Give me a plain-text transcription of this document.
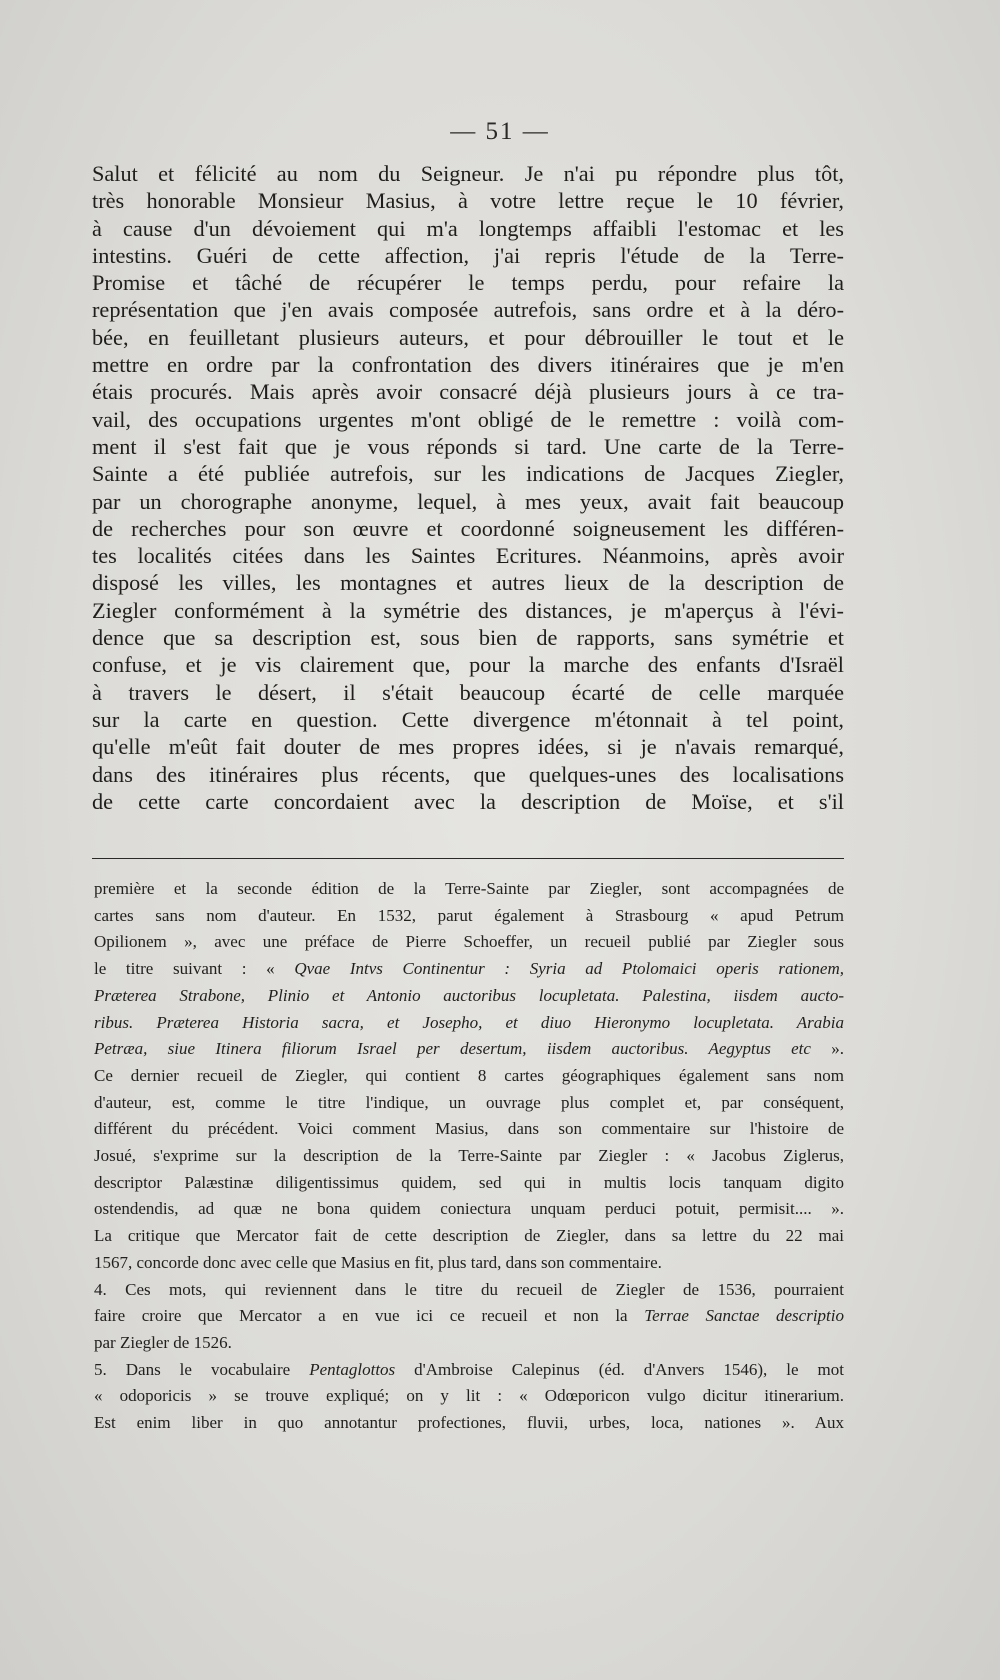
— 51 —
Salut et félicité au nom du Seigneur. Je n'ai pu répondre plus tôt,
très honorable Monsieur Masius, à votre lettre reçue le 10 février,
à cause d'un dévoiement qui m'a longtemps affaibli l'estomac et les
intestins. Guéri de cette affection, j'ai repris l'étude de la Terre-
Promise et tâché de récupérer le temps perdu, pour refaire la
représentation que j'en avais composée autrefois, sans ordre et à la déro-
bée, en feuilletant plusieurs auteurs, et pour débrouiller le tout et le
mettre en ordre par la confrontation des divers itinéraires que je m'en
étais procurés. Mais après avoir consacré déjà plusieurs jours à ce tra-
vail, des occupations urgentes m'ont obligé de le remettre : voilà com-
ment il s'est fait que je vous réponds si tard. Une carte de la Terre-
Sainte a été publiée autrefois, sur les indications de Jacques Ziegler,
par un chorographe anonyme, lequel, à mes yeux, avait fait beaucoup
de recherches pour son œuvre et coordonné soigneusement les différen-
tes localités citées dans les Saintes Ecritures. Néanmoins, après avoir
disposé les villes, les montagnes et autres lieux de la description de
Ziegler conformément à la symétrie des distances, je m'aperçus à l'évi-
dence que sa description est, sous bien de rapports, sans symétrie et
confuse, et je vis clairement que, pour la marche des enfants d'Israël
à travers le désert, il s'était beaucoup écarté de celle marquée
sur la carte en question. Cette divergence m'étonnait à tel point,
qu'elle m'eût fait douter de mes propres idées, si je n'avais remarqué,
dans des itinéraires plus récents, que quelques-unes des localisations
de cette carte concordaient avec la description de Moïse, et s'il
première et la seconde édition de la Terre-Sainte par Ziegler, sont accompagnées de
cartes sans nom d'auteur. En 1532, parut également à Strasbourg « apud Petrum
Opilionem », avec une préface de Pierre Schoeffer, un recueil publié par Ziegler sous
le titre suivant : « Qvae Intvs Continentur : Syria ad Ptolomaici operis rationem,
Præterea Strabone, Plinio et Antonio auctoribus locupletata. Palestina, iisdem aucto-
ribus. Præterea Historia sacra, et Josepho, et diuo Hieronymo locupletata. Arabia
Petræa, siue Itinera filiorum Israel per desertum, iisdem auctoribus. Aegyptus etc ».
Ce dernier recueil de Ziegler, qui contient 8 cartes géographiques également sans nom
d'auteur, est, comme le titre l'indique, un ouvrage plus complet et, par conséquent,
différent du précédent. Voici comment Masius, dans son commentaire sur l'histoire de
Josué, s'exprime sur la description de la Terre-Sainte par Ziegler : « Jacobus Ziglerus,
descriptor Palæstinæ diligentissimus quidem, sed qui in multis locis tanquam digito
ostendendis, ad quæ ne bona quidem coniectura unquam perduci potuit, permisit.... ».
La critique que Mercator fait de cette description de Ziegler, dans sa lettre du 22 mai
1567, concorde donc avec celle que Masius en fit, plus tard, dans son commentaire.
4. Ces mots, qui reviennent dans le titre du recueil de Ziegler de 1536, pourraient
faire croire que Mercator a en vue ici ce recueil et non la Terrae Sanctae descriptio
par Ziegler de 1526.
5. Dans le vocabulaire Pentaglottos d'Ambroise Calepinus (éd. d'Anvers 1546), le mot
« odoporicis » se trouve expliqué; on y lit : « Odœporicon vulgo dicitur itinerarium.
Est enim liber in quo annotantur profectiones, fluvii, urbes, loca, nationes ». Aux
